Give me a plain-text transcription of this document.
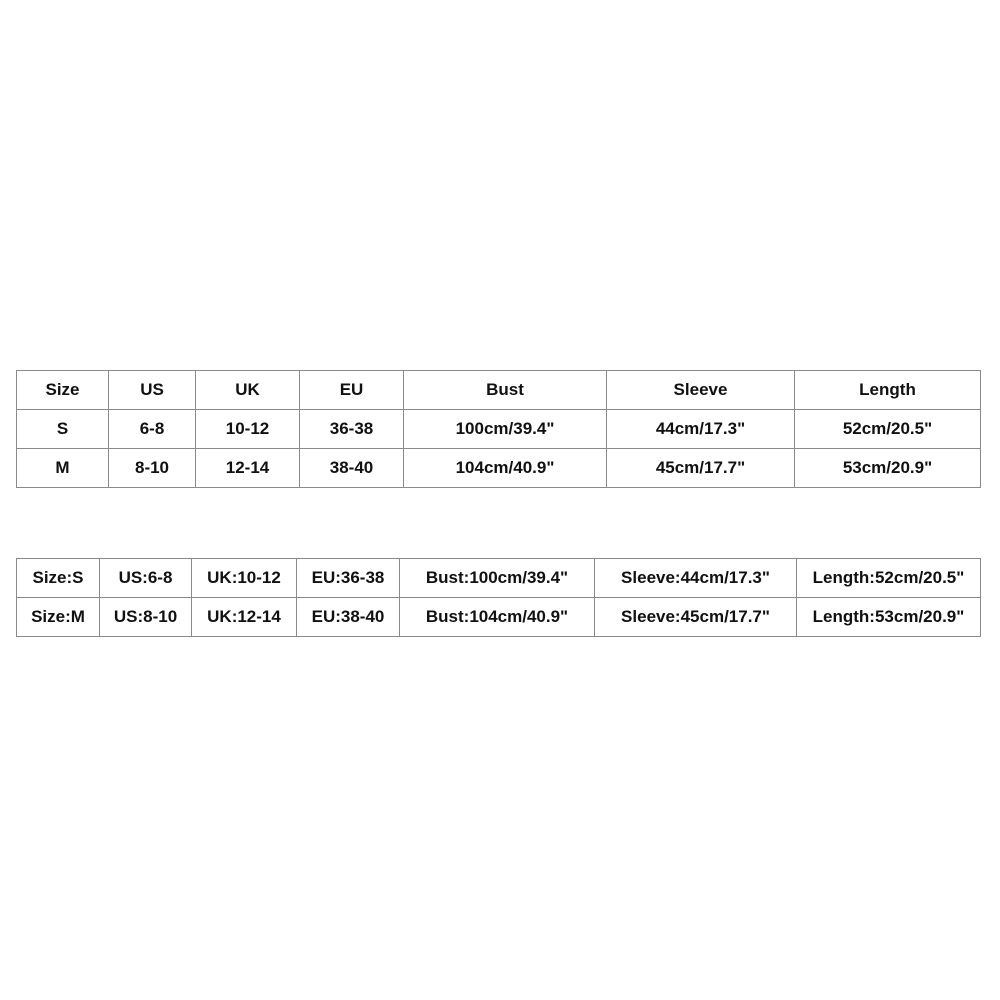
Size	US	UK	EU	Bust	Sleeve	Length
S	6-8	10-12	36-38	100cm/39.4"	44cm/17.3"	52cm/20.5"
M	8-10	12-14	38-40	104cm/40.9"	45cm/17.7"	53cm/20.9"
Size:S	US:6-8	UK:10-12	EU:36-38	Bust:100cm/39.4"	Sleeve:44cm/17.3"	Length:52cm/20.5"
Size:M	US:8-10	UK:12-14	EU:38-40	Bust:104cm/40.9"	Sleeve:45cm/17.7"	Length:53cm/20.9"
